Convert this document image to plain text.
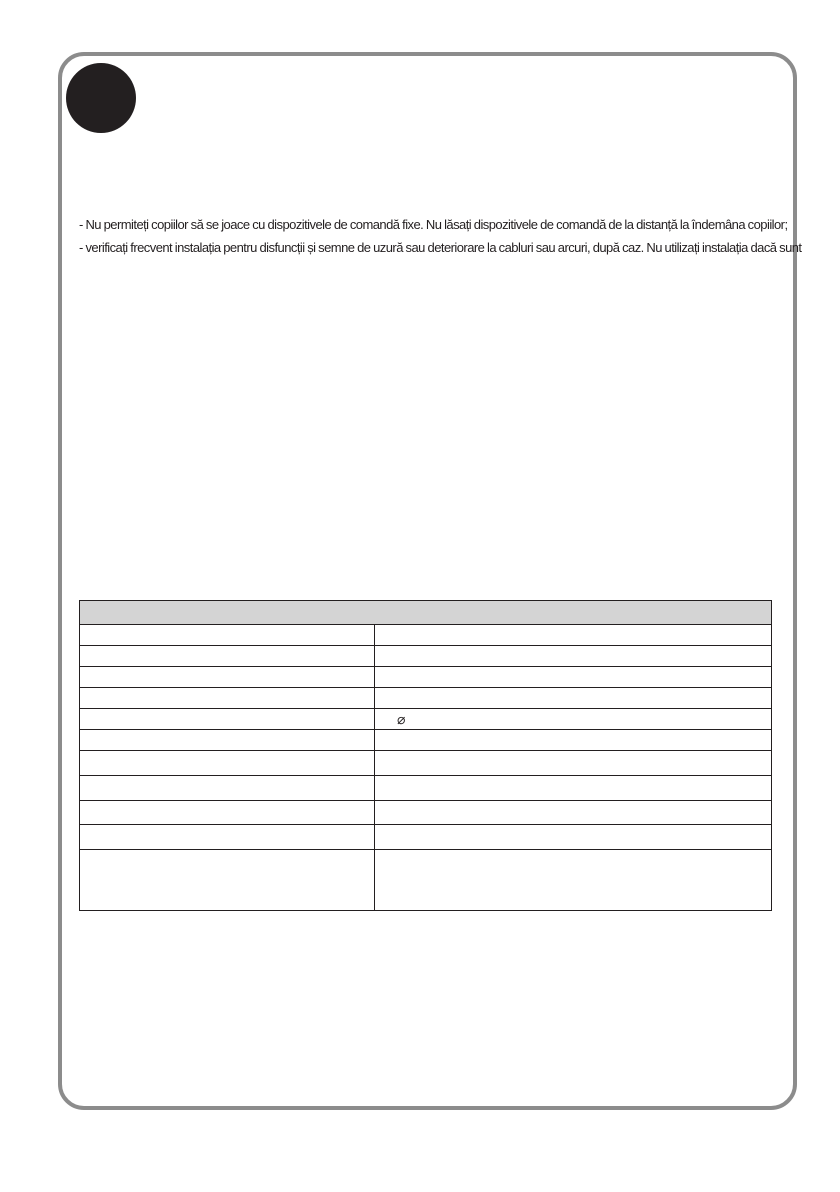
- Nu permiteți copiilor să se joace cu dispozitivele de comandă fixe. Nu lăsați dispozitivele de comandă de la distanță la îndemâna copiilor;

- verificați frecvent instalația pentru disfuncții și semne de uzură sau deteriorare la cabluri sau arcuri, după caz. Nu utilizați instalația dacă sunt

	⌀
